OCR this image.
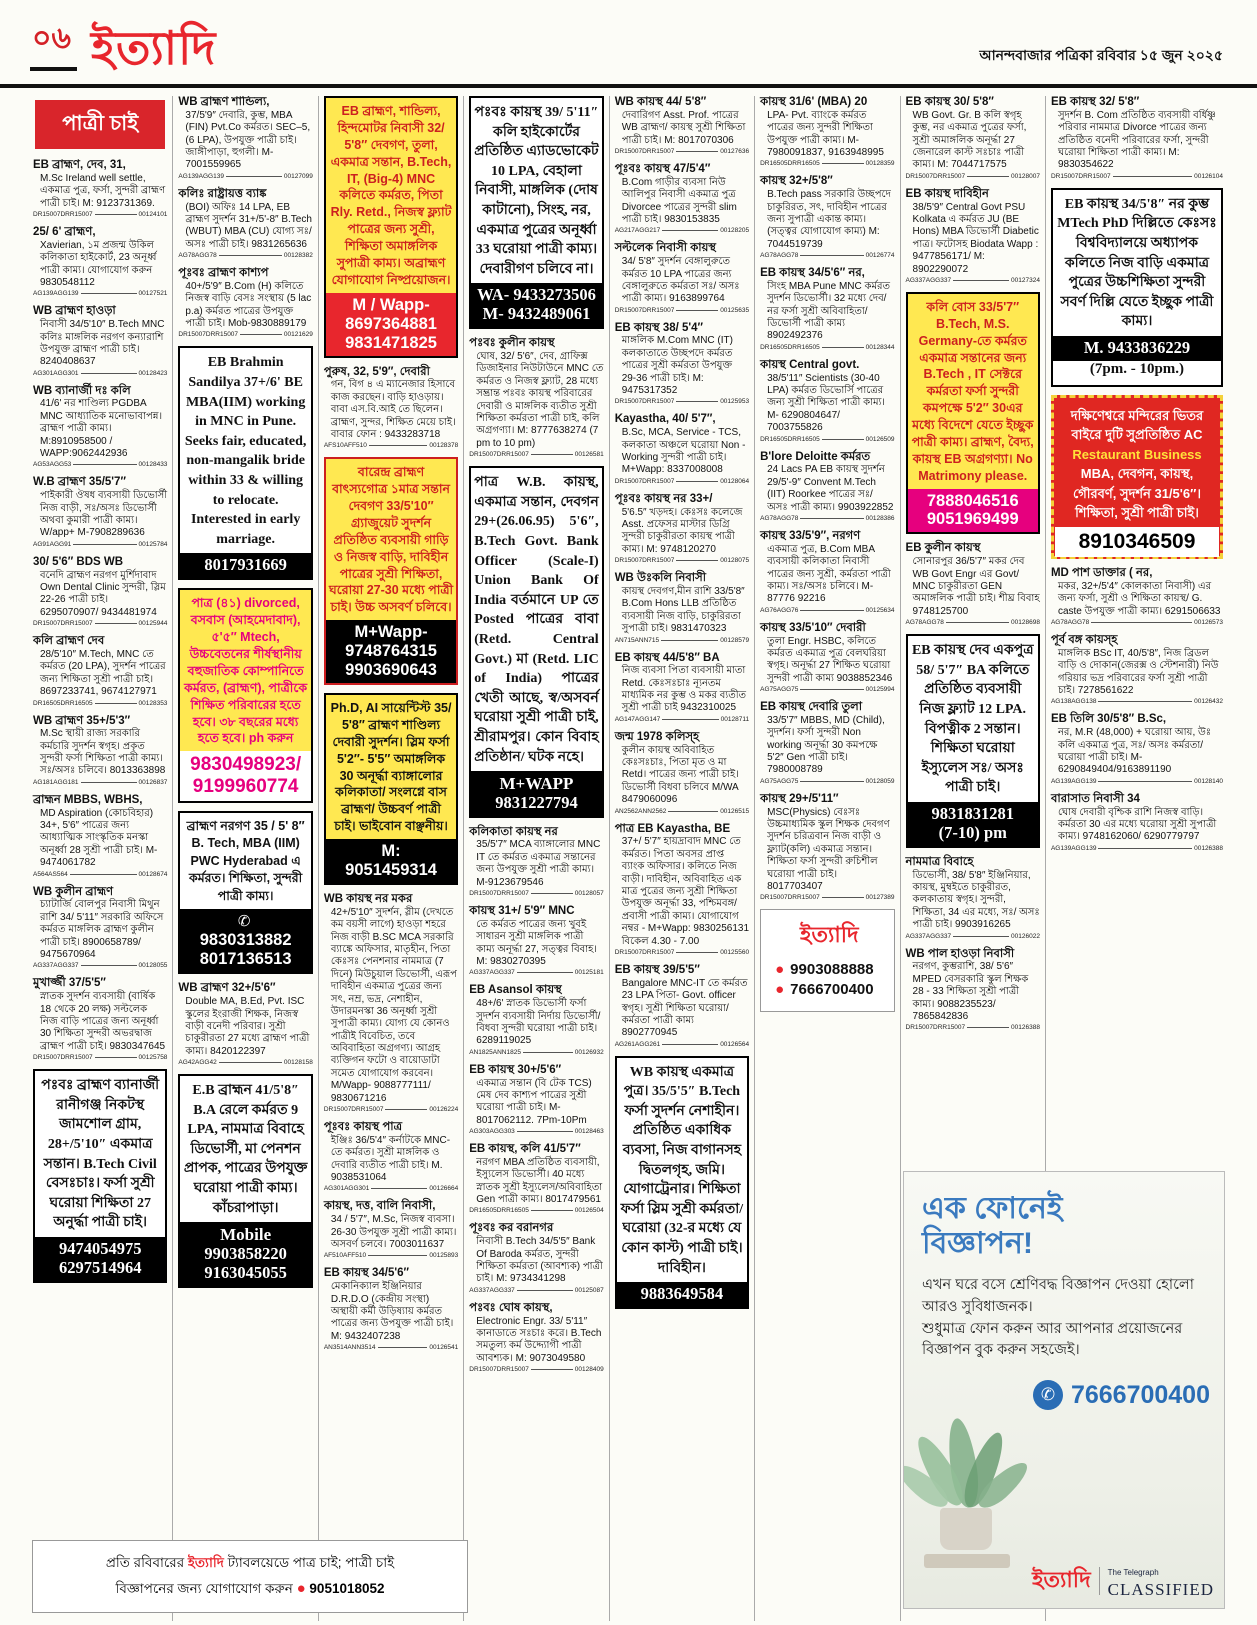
০৬ ইত্যাদি	আনন্দবাজার পত্রিকা রবিবার ১৫ জুন ২০২৫
পাত্রী চাই
EB ব্রাহ্মণ, দেব, 31,
M.Sc Ireland well settle, একমাত্র পুত্র, ফর্সা, সুন্দরী ব্রাহ্মণ পাত্রী চাই। M: 9123731369.
DR15007DRR15007	00124101
25/ 6' ব্রাহ্মণ,
Xavierian, ১ম প্রজন্ম উকিল কলিকাতা হাইকোর্ট, 23 অনূর্ধ্ব পাত্রী কাম্য। যোগাযোগ করুন 9830548112
AG139AGG139	00127521
WB ব্রাহ্মণ হাওড়া
নিবাসী 34/5'10″ B.Tech MNC কলিঃ মাঙ্গলিক নরগণ কন্যারাশি উপযুক্ত ব্রাহ্মণ পাত্রী চাই। 8240408637
AG301AGG301	00128423
WB ব্যানার্জী দঃ কলি
41/6' নর শাণ্ডিল্য PGDBA MNC আধ্যাতিক মনোভাবাপন্ন। ব্রাহ্মণ পাত্রী কাম্য। M:8910958500 / WAPP:9062442936
AG53AGG53	00128433
W.B ব্রাহ্মণ 35/5'7″
পাইকারী ঔষধ ব্যবসায়ী ডিভোর্সী নিজ বাড়ী, সঃ/অসঃ ডিভোর্সী অথবা কুমারী পাত্রী কাম্য। W/app+ M-7908289636
AG91AGG91	00125784
30/ 5'6″ BDS WB
বনেদি ব্রাহ্মণ নরগণ মুর্শিদাবাদ Own Dental Clinic সুন্দরী, স্লিম 22-26 পাত্রী চাই। 6295070907/ 9434481974
DR15007DRR15007	00125944
কলি ব্রাহ্মণ দেব
28/5'10″ M.Tech, MNC তে কর্মরত (20 LPA), সুদর্শন পাত্রের জন্য শিক্ষিতা সুশ্রী পাত্রী চাই। 8697233741, 9674127971
DR16505DRR16505	00128353
WB ব্রাহ্মণ 35+/5'3″
M.Sc স্থায়ী রাজ্য সরকারি কর্মচারি সুদর্শন স্বগৃহ। প্রকৃত সুন্দরী ফর্সা শিক্ষিতা পাত্রী কাম্য। সঃ/অসঃ চলিবে। 8013363898
AG181AGG181	00126837
ব্রাহ্মন MBBS, WBHS,
MD Aspiration (কোচবিহার) 34+, 5'6″ পাত্রের জন্য আধ্যাত্মিক সাংস্কৃতিক মনস্কা অনূর্ধ্বা 28 সুশ্রী পাত্রী চাই। M-9474061782
A564AS564	00128674
WB কুলীন ব্রাহ্মণ
চ্যাটার্জি বোলপুর নিবাসী মিথুন রাশি 34/ 5'11″ সরকারি অফিসে কর্মরত মাঙ্গলিক ব্রাহ্মণ কুলীন পাত্রী চাই। 8900658789/ 9475670964
AG337AGG337	00128055
মুখার্জ্জী 37/5'5″
স্নাতক সুদর্শন ব্যবসায়ী (বার্ষিক 18 থেকে 20 লক্ষ) সল্টলেক নিজ বাড়ি পাত্রের জন্য অনূর্ধ্বা 30 শিক্ষিতা সুন্দরী অভরদ্বাজ ব্রাহ্মণ পাত্রী চাই। 9830347645
DR15007DRR15007	00125758
পঃবঃ ব্রাহ্মণ ব্যানার্জী রানীগঞ্জ নিকটস্থ জামশোল গ্রাম, 28+/5'10″ একমাত্র সন্তান। B.Tech Civil বেসঃচাঃ। ফর্সা সুশ্রী ঘরোয়া শিক্ষিতা 27 অনুর্দ্ধা পাত্রী চাই।
9474054975
6297514964
WB ব্রাহ্মণ শান্ডিল্য,
37/5'9″ দেবারি, কুম্ভ, MBA (FIN) Pvt.Co কর্মরত। SEC–5, (6 LPA), উপযুক্ত পাত্রী চাই।জাঙ্গীপাড়া, হুগলী। M- 7001559965
AG139AGG139	00127099
কলিঃ রাষ্ট্রায়ত্ত ব্যাঙ্ক
(BOI) অফিঃ 14 LPA, EB ব্রাহ্মণ সুদর্শন 31+/5'-8″ B.Tech (WBUT) MBA (CU) যোগ্য সঃ/ অসঃ পাত্রী চাই। 9831265636
AG78AGG78	00128382
পূঃবঃ ব্রাহ্মণ কাশ্যপ
40+/5'9″ B.Com (H) কলিতে নিজস্ব বাড়ি বেসঃ সংস্থায় (5 lac p.a) কর্মরত পাত্রের উপযুক্ত পাত্রী চাই। Mob-9830889179
DR15007DRR15007	00121629
EB Brahmin Sandilya 37+/6' BE MBA(IIM) working in MNC in Pune. Seeks fair, educated, non-mangalik bride within 33 & willing to relocate. Interested in early marriage.
8017931669
পাত্র (৪১) divorced, বসবাস (আহমেদাবাদ), ৫'৫″ Mtech, উচ্চবেতনের শীর্ষস্থানীয় বহুজাতিক কোম্পানিতে কর্মরত, (ব্রাহ্মণ), পাত্রীকে শিক্ষিত পরিবারের হতে হবে। ৩৮ বছরের মধ্যে হতে হবে। ph করুন
9830498923/
9199960774
ব্রাহ্মণ নরগণ 35 / 5' 8″ B. Tech, MBA (IIM) PWC Hyderabad এ কর্মরত। শিক্ষিতা, সুন্দরী পাত্রী কাম্য।
✆
9830313882
8017136513
WB ব্রাহ্মণ 32+/5'6″
Double MA, B.Ed, Pvt. ISC স্কুলের ইংরাজী শিক্ষক, নিজস্ব বাড়ী বনেদী পরিবার। সুশ্রী চাকুরীরতা 27 মধ্যে ব্রাহ্মণ পাত্রী কাম্য। 8420122397
AG42AGG42	00128158
E.B ব্রাহ্মন 41/5'8″ B.A রেলে কর্মরত 9 LPA, নামমাত্র বিবাহে ডিভোর্সী, মা পেনশন প্রাপক, পাত্রের উপযুক্ত ঘরোয়া পাত্রী কাম্য। কাঁচরাপাড়া।
Mobile
9903858220
9163045055
EB ব্রাহ্মণ, শান্ডিল্য, হিন্দমোটর নিবাসী 32/ 5'8″ দেবগণ, তুলা, একমাত্র সন্তান, B.Tech, IT, (Big-4) MNC কলিতে কর্মরত, পিতা Rly. Retd., নিজস্ব ফ্ল্যাট পাত্রের জন্য সুশ্রী, শিক্ষিতা অমাঙ্গলিক সুপাত্রী কাম্য। অব্রাহ্মণ যোগাযোগ নিষ্প্রয়োজন।
M / Wapp-
8697364881
9831471825
পুরুষ, 32, 5'9″, দেবারী
গন, বিগ ৪ এ ম্যানেজার হিসাবে কাজ করছেন। বাড়ি হাওড়ায়। বাবা এস.বি.আই তে ছিলেন। ব্রাহ্মণ, সুন্দর, শিক্ষিত মেয়ে চাই। বাবার ফোন : 9433283718
AFS10AFF510	00128378
বারেন্দ্র ব্রাহ্মণ বাৎস্যগোত্র ১মাত্র সন্তান দেবগণ 33/5'10″ গ্র্যাজুয়েট সুদর্শন প্রতিষ্ঠিত ব্যবসায়ী গাড়ি ও নিজস্ব বাড়ি, দাবিহীন পাত্রের সুশ্রী শিক্ষিতা, ঘরোয়া 27-30 মধ্যে পাত্রী চাই। উচ্চ অসবর্ণ চলিবে।
M+Wapp-
9748764315
9903690643
Ph.D, AI সায়েন্টিস্ট 35/ 5'8″ ব্রাহ্মণ শাণ্ডিল্য দেবারী সুদর্শন। স্লিম ফর্সা 5'2″- 5'5″ অমাঙ্গলিক 30 অনূর্দ্ধা ব্যাঙ্গালোর কলিকাতা/ সংলগ্নে বাস ব্রাহ্মণ/ উচ্চবর্ণ পাত্রী চাই। ভাইবোন বাঞ্ছনীয়।
M:
9051459314
WB কায়স্থ নর মকর
42+/5'10″ সুদর্শন, স্লীম (দেখতে কম বয়সী লাগে) হাওড়া শহরে নিজ বাড়ী B.SC MCA সরকারি ব্যাঙ্কে অফিসার, মাতৃহীন, পিতা কেঃসঃ পেনশনার নামমাত্র (7 দিনে) মিউচুয়াল ডিভোর্সী, এরূপ দাবিহীন একমাত্র পুত্রের জন্য সৎ, নম্র, ভদ্র, নেশাহীন, উদারমনস্কা 36 অনূর্ধ্বা সুশ্রী সুপাত্রী কাম্য। যোগ্য যে কোনও পাত্রীই বিবেচিত, তবে অবিবাহিতা অগ্রগণ্য। আগ্রহ ব্যক্তিগন ফটো ও বায়োডাটা সমেত যোগাযোগ করবেন। M/Wapp- 9088777111/ 9830671216
DR15007DRR15007	00126224
পূঃবঃ কায়স্থ পাত্র
ইঞ্জিঃ 36/5'4″ কর্নাটকে MNC-তে কর্মরত। সুশ্রী মাঙ্গলিক ও দেবারি ব্যতীত পাত্রী চাই। M. 9038531064
AG301AGG301	00126664
কায়স্থ, দত্ত, বালি নিবাসী,
34 / 5'7″, M.Sc, নিজস্ব ব্যবসা। 26-30 উপযুক্ত সুশ্রী পাত্রী কাম্য। অসবর্ণ চলবে। 7003011637
AF510AFF510	00125893
EB কায়স্থ 34/5'6″
মেকানিক্যাল ইঞ্জিনিয়ার D.R.D.O (কেন্দ্রীয় সংস্থা) অস্থায়ী কর্মী উড়িষ্যায় কর্মরত পাত্রের জন্য উপযুক্ত পাত্রী চাই। M: 9432407238
AN3514ANN3514	00126541
পঃবঃ কায়স্থ 39/ 5'11″ কলি হাইকোর্টের প্রতিষ্ঠিত এ্যাডভোকেট 10 LPA, বেহালা নিবাসী, মাঙ্গলিক (দোষ কাটানো), সিংহ, নর, একমাত্র পুত্রের অনূর্ধ্বা 33 ঘরোয়া পাত্রী কাম্য। দেবারীগণ চলিবে না।
WA- 9433273506
M- 9432489061
পঃবঃ কুলীন কায়স্থ
ঘোষ, 32/ 5'6″, দেব, গ্রাফিক্স ডিজাইনার নিউটাউনে MNC তে কর্মরত ও নিজস্ব ফ্ল্যাট, 28 মধ্যে সম্ভ্রান্ত পঃবঃ কায়স্থ পরিবারের দেবারী ও মাঙ্গলিক ব্যতীত সুশ্রী শিক্ষিতা কর্মরতা পাত্রী চাই, কলি অগ্রগণ্যা। M: 8777638274 (7 pm to 10 pm)
DR15007DRR15007	00126581
পাত্র W.B. কায়স্থ, একমাত্র সন্তান, দেবগন 29+(26.06.95) 5'6″, B.Tech Govt. Bank Officer (Scale-I) Union Bank Of India বর্তমানে UP তে Posted পাত্রের বাবা (Retd. Central Govt.) মা (Retd. LIC of India) পাত্রের খেতী আছে, স্ব/অসবর্ন ঘরোয়া সুশ্রী পাত্রী চাই, শ্রীরামপুর। কোন বিবাহ প্রতিষ্ঠান/ ঘটক নহে।
M+WAPP
9831227794
কলিকাতা কায়স্থ নর
35/5'7″ MCA ব্যাঙ্গালোর MNC IT তে কর্মরত একমাত্র সন্তানের জন্য উপযুক্ত সুশ্রী পাত্রী কাম্য। M-9123679546
DR15007DRR15007	00128057
কায়স্থ 31+/ 5'9″ MNC
তে কর্মরত পাত্রের জন্য খুবই সাধারন সুশ্রী মাঙ্গলিক পাত্রী কাম্য অনূর্দ্ধা 27, সত্ত্বর বিবাহ। M: 9830270395
AG337AGG337	00125181
EB Asansol কায়স্থ
48+/6' স্নাতক ডিভোর্সী ফর্সা সুদর্শন ব্যবসায়ী নির্দায় ডিভোর্সী/বিধবা সুন্দরী ঘরোয়া পাত্রী চাই। 6289119025
AN1825ANN1825	00126932
EB কায়স্থ 30+/5'6″
একমাত্র সন্তান (বি টেক TCS) মেষ দেব কাশ্যপ পাত্রের সুশ্রী ঘরোয়া পাত্রী চাই। M-8017062112. 7Pm-10Pm
AG303AGG303	00128463
EB কায়স্থ, কলি 41/5'7″
নরগণ MBA প্রতিষ্ঠিত ব্যবসায়ী, ইস্যুলেস ডিভোর্সী। 40 মধ্যে স্নাতক সুশ্রী ইস্যুলেস/অবিবাহিতা Gen পাত্রী কাম্য। 8017479561
DR16505DRR16505	00126504
পূঃবঃ কর বরানগর
নিবাসী B.Tech 34/5'5″ Bank Of Baroda কর্মরত, সুন্দরী শিক্ষিতা কর্মরতা (আবশ্যক) পাত্রী চাই। M: 9734341298
AG337AGG337	00125087
পঃবঃ ঘোষ কায়স্থ,
Electronic Engr. 33/ 5'11″ কানাডাতে সঃচাঃ করে। B.Tech সমতুল্য কর্ম উদ্দ্যোগী পাত্রী আবশ্যক। M: 9073049580
DR15007DRR15007	00128409
WB কায়স্থ 44/ 5'8″
দেবারিগণ Asst. Prof. পাত্রের WB ব্রাহ্মণ/ কায়স্থ সুশ্রী শিক্ষিতা পাত্রী চাই। M: 8017070306
DR15007DRR15007	00127636
পূঃবঃ কায়স্থ 47/5'4″
B.Com গাড়ীর ব্যবসা নিউ আলিপুর নিবাসী একমাত্র পুত্র Divorcee পাত্রের সুন্দরী slim পাত্রী চাই। 9830153835
AG217AGG217	00128205
সল্টলেক নিবাসী কায়স্থ
34/ 5'8″ সুদর্শন বেঙ্গালুরুতে কর্মরত 10 LPA পাত্রের জন্য বেঙ্গালুরুতে কর্মরতা সঃ/ অসঃ পাত্রী কাম্য। 9163899764
DR15007DRR15007	00125635
EB কায়স্থ 38/ 5'4″
মাঙ্গলিক M.Com MNC (IT) কলকাতাতে উচ্ছপদে কর্মরত পাত্রের সুশ্রী কর্মরতা উপযুক্ত 29-36 পাত্রী চাই। M: 9475317352
DR15007DRR15007	00125953
Kayastha, 40/ 5'7″,
B.Sc, MCA, Service - TCS, কলকাতা অঞ্চলে ঘরোয়া Non - Working সুন্দরী পাত্রী চাই। M+Wapp: 8337008008
DR15007DRR15007	00128064
পূঃবঃ কায়স্থ নর 33+/
5'6.5″ খড়দহ। কেঃসঃ কলেজে Asst. প্রফেসর মাস্টার ডিগ্রি সুন্দরী চাকুরীরতা কায়স্থ পাত্রী কাম্য। M: 9748120270
DR15007DRR15007	00128075
WB উঃকলি নিবাসী
কায়স্থ দেবগণ,মীন রাশি 33/5'8″ B.Com Hons LLB প্রতিষ্ঠিত ব্যবসায়ী নিজ বাড়ি, চাকুরিরতা সুপাত্রী চাই। 9831470323
AN715ANN715	00128579
EB কায়স্থ 44/5'8″ BA
নিজ ব্যবসা পিতা ব্যবসায়ী মাতা Retd. কেঃসঃচাঃ ন্যূনতম মাধ্যমিক নর কুম্ভ ও মকর ব্যতীত সুশ্রী পাত্রী চাই 9432310025
AG147AGG147	00128711
জন্ম 1978 কলিস্হ
কুলীন কায়স্থ অবিবাহিত কেঃসঃচাঃ, পিতা মৃত ও মা Retd। পাত্রের জন্য পাত্রী চাই। ডিভোর্সী বিধবা চলিবে M/WA 8479060096
AN2562ANN2562	00126515
পাত্র EB Kayastha, BE
37+/ 5'7″ হায়দ্রাবাদ MNC তে কর্মরত। পিতা অবসর প্রাপ্ত ব্যাংক অফিসার। কলিতে নিজ বাড়ী। দাবিহীন, অবিবাহিত এক মাত্র পুত্রের জন্য সুশ্রী শিক্ষিতা উপযুক্ত অনূর্দ্ধা 33, পশ্চিমবঙ্গ/ প্রবাসী পাত্রী কাম্য। যোগাযোগ নম্বর - M+Wapp: 9830256131 বিকেল 4.30 - 7.00
DR15007DRR15007	00125560
EB কায়স্থ 39/5'5″
Bangalore MNC-IT তে কর্মরত 23 LPA পিতা- Govt. officer স্বগৃহ। সুশ্রী শিক্ষিতা ঘরোয়া/ কর্মরতা পাত্রী কাম্য 8902770945
AG261AGG261	00126564
WB কায়স্থ একমাত্র পুত্র। 35/5'5″ B.Tech ফর্সা সুদর্শন নেশাহীন। প্রতিষ্ঠিত একাধিক ব্যবসা, নিজ বাগানসহ দ্বিতলগৃহ, জমি। যোগাট্রেনার। শিক্ষিতা ফর্সা স্লিম সুশ্রী কর্মরতা/ঘরোয়া (32-র মধ্যে যে কোন কাস্ট) পাত্রী চাই। দাবিহীন।
9883649584
কায়স্থ 31/6' (MBA) 20
LPA- Pvt. ব্যাংকে কর্মরত পাত্রের জন্য সুন্দরী শিক্ষিতা উপযুক্ত পাত্রী কাম্য। M- 7980091837, 9163948995
DR16505DRR16505	00128359
কায়স্থ 32+/5'8″
B.Tech pass সরকারি উচ্ছপদে চাকুরিরত, সৎ, দাবিহীন পাত্রের জন্য সুপাত্রী একান্ত কাম্য। (সত্ত্বর যোগাযোগ কাম্য) M: 7044519739
AG78AGG78	00126774
EB কায়স্থ 34/5'6″ নর,
সিংহ MBA Pune MNC কর্মরত সুদর্শন ডিভোর্সী। 32 মধ্যে দেব/নর ফর্সা সুশ্রী অবিবাহিতা/ ডিভোর্সী পাত্রী কাম্য 8902492376
DR16505DRR16505	00128344
কায়স্থ Central govt.
38/5'11″ Scientists (30-40 LPA) কর্মরত ডিভোর্সি পাত্রের জন্য সুশ্রী শিক্ষিতা পাত্রী কাম্য। M- 6290804647/ 7003755826
DR16505DRR16505	00126509
B'lore Deloitte কর্মরত
24 Lacs PA EB কায়স্থ সুদর্শন 29/5'-9″ Convent M.Tech (IIT) Roorkee পাত্রের সঃ/ অসঃ পাত্রী কাম্য। 9903922852
AG78AGG78	00128386
কায়স্থ 33/5'9″, নরগণ
একমাত্র পুত্র, B.Com MBA ব্যবসায়ী কলিকাতা নিবাসী পাত্রের জন্য সুশ্রী, কর্মরতা পাত্রী কাম্য। সঃ/অসঃ চলিবে। M-87776 92216
AG76AGG76	00125634
কায়স্থ 33/5'10″ দেবারী
তুলা Engr. HSBC, কলিতে কর্মরত একমাত্র পুত্র বেলঘরিয়া স্বগৃহ। অনূর্দ্ধা 27 শিক্ষিত ঘরোয়া সুন্দরী পাত্রী কাম্য 9038852346
AG75AGG75	00125994
EB কায়স্থ দেবারি তুলা
33/5'7″ MBBS, MD (Child), সুদর্শন। ফর্সা সুন্দরী Non working অনূর্দ্ধা 30 কমপক্ষে 5'2″ Gen পাত্রী চাই। 7980008789
AG75AGG75	00128059
কায়স্থ 29+/5'11″
MSC(Physics) বেঃসঃ উচ্চমাধ্যমিক স্কুল শিক্ষক দেবগণ সুদর্শন চরিত্রবান নিজ বাড়ী ও ফ্ল্যাট(কলি) একমাত্র সন্তান। শিক্ষিতা ফর্সা সুন্দরী রুচিশীল ঘরোয়া পাত্রী চাই। 8017703407
DR15007DRR15007	00127389
ইত্যাদি
● 9903088888
● 7666700400
EB কায়স্থ 30/ 5'8″
WB Govt. Gr. B কলি স্বগৃহ কুম্ভ, নর একমাত্র পুত্রের ফর্সা, সুশ্রী অমাঙ্গলিক অনূর্দ্ধা 27 জেনারেল কাস্ট সঃচাঃ পাত্রী কাম্য। M: 7044717575
DR15007DRR15007	00128007
EB কায়স্থ দাবিহীন
38/5'9″ Central Govt PSU Kolkata এ কর্মরত JU (BE Hons) MBA ডিভোর্সী Diabetic পাত্র। ফটোসহ Biodata Wapp : 9477856171/ M: 8902290072
AG337AGG337	00127324
কলি বোস 33/5'7″ B.Tech, M.S. Germany-তে কর্মরত একমাত্র সন্তানের জন্য B.Tech , IT সেক্টরে কর্মরতা ফর্সা সুন্দরী কমপক্ষে 5'2″ 30এর মধ্যে বিদেশে যেতে ইচ্ছুক পাত্রী কাম্য। ব্রাহ্মণ, বৈদ্য, কায়স্থ EB অগ্রগণ্যা। No Matrimony please.
7888046516
9051969499
EB কুলীন কায়স্থ
সোনারপুর 36/5'7″ মকর দেব WB Govt Engr এর Govt/ MNC চাকুরীরতা GEN অমাঙ্গলিক পাত্রী চাই। শীঘ্র বিবাহ 9748125700
AG78AGG78	00128698
EB কায়স্থ দেব একপুত্র 58/ 5'7″ BA কলিতে প্রতিষ্ঠিত ব্যবসায়ী নিজ ফ্ল্যাট 12 LPA. বিপত্নীক 2 সন্তান। শিক্ষিতা ঘরোয়া ইস্যুলেস সঃ/ অসঃ পাত্রী চাই।
9831831281
(7-10) pm
নামমাত্র বিবাহে
ডিভোর্সী, 38/ 5'8″ ইঞ্জিনিয়ার, কায়স্থ, মুম্বইতে চাকুরীরত, কলকাতায় স্বগৃহ। সুন্দরী, শিক্ষিতা, 34 এর মধ্যে, সঃ/ অসঃ পাত্রী চাই। 9903916265
AG337AGG337	00126022
WB পাল হাওড়া নিবাসী
নরগণ, কুম্ভরাশি, 38/ 5'6″ MPED বেসরকারি স্কুল শিক্ষক 28 - 33 শিক্ষিতা সুশ্রী পাত্রী কাম্য। 9088235523/ 7865842836
DR15007DRR15007	00126388
EB কায়স্থ 32/ 5'8″
সুদর্শন B. Com প্রতিষ্ঠিত ব্যবসায়ী বর্ধিষ্ণু পরিবার নামমাত্র Divorce পাত্রের জন্য প্রতিষ্ঠিত বনেদী পরিবারের ফর্সা, সুন্দরী ঘরোয়া শিক্ষিতা পাত্রী কাম্য। M: 9830354622
DR15007DRR15007	00126104
EB কায়স্থ 34/5'8″ নর কুম্ভ MTech PhD দিল্লিতে কেঃসঃ বিশ্ববিদ্যালয়ে অধ্যাপক কলিতে নিজ বাড়ি একমাত্র পুত্রের উচ্চশিক্ষিতা সুন্দরী সবর্ণ দিল্লি যেতে ইচ্ছুক পাত্রী কাম্য।
M. 9433836229
(7pm. - 10pm.)
দক্ষিণেশ্বরে মন্দিরের ভিতর বাইরে দুটি সুপ্রতিষ্ঠিত AC Restaurant Business MBA, দেবগন, কায়স্থ, গৌরবর্ণ, সুদর্শন 31/5'6″। শিক্ষিতা, সুশ্রী পাত্রী চাই।
8910346509
MD পাশ ডাক্তার ( নর,
মকর, 32+/5'4″ কোলকাতা নিবাসী) এর জন্য ফর্সা, সুশ্রী ও শিক্ষিতা কায়স্থ/ G. caste উপযুক্ত পাত্রী কাম্য। 6291506633
AG78AGG78	00126573
পূর্ব বঙ্গ কায়স্হ
মাঙ্গলিক BSc IT, 40/5'8″, নিজ ব্রিডল বাড়ি ও দোকান(জেরক্স ও স্টেশনারী) নিউ গরিয়ার ভদ্র পরিবারের ফর্সা সুশ্রী পাত্রী চাই। 7278561622
AG138AGG138	00126432
EB তিলি 30/5'8″ B.Sc,
নর, M.R (48,000) + ঘরোয়া আয়, উঃ কলি একমাত্র পুত্র, সঃ/ অসঃ কর্মরতা/ ঘরোয়া পাত্রী চাই। M- 6290849404/9163891190
AG139AGG139	00128140
বারাসাত নিবাসী 34
ঘোষ দেবারী বৃশ্চিক রাশি নিজস্ব বাড়ি। কর্মরতা 30 এর মধ্যে ঘরোয়া সুশ্রী সুপাত্রী কাম্য। 9748162060/ 6290779797
AG139AGG139	00126388
প্রতি রবিবারের ইত্যাদি ট্যাবলয়েডে পাত্র চাই; পাত্রী চাই
বিজ্ঞাপনের জন্য যোগাযোগ করুন ● 9051018052
এক ফোনেই
বিজ্ঞাপন!
এখন ঘরে বসে শ্রেণিবদ্ধ বিজ্ঞাপন দেওয়া হোলো আরও সুবিধাজনক।
শুধুমাত্র ফোন করুন আর আপনার প্রয়োজনের বিজ্ঞাপন বুক করুন সহজেই।
✆ 7666700400
ইত্যাদি The Telegraph
CLASSIFIED
